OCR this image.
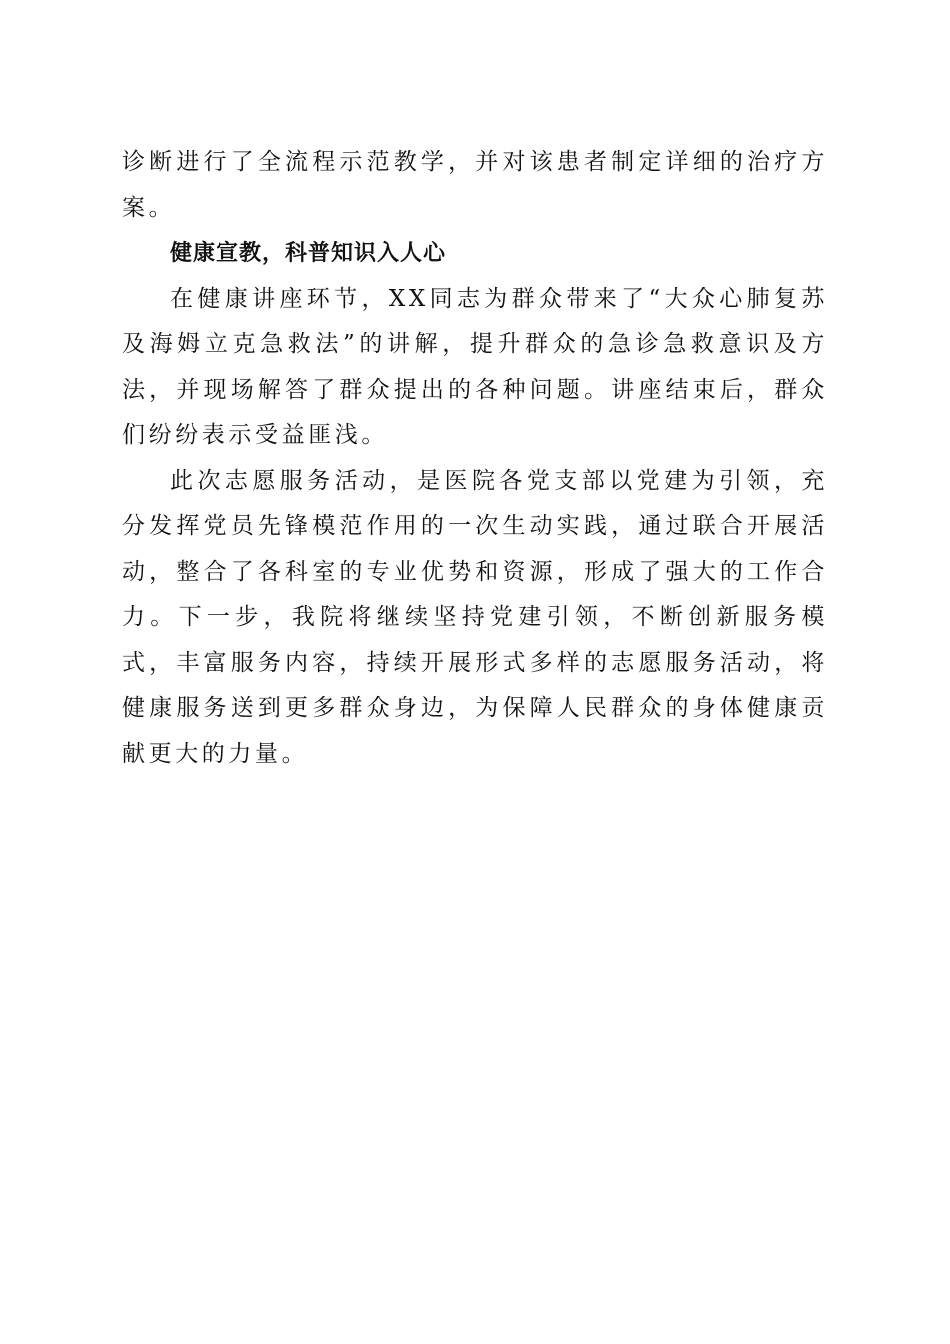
诊断进行了全流程示范教学，并对该患者制定详细的治疗方案。

健康宣教，科普知识入人心

在健康讲座环节，XX同志为群众带来了“大众心肺复苏及海姆立克急救法”的讲解，提升群众的急诊急救意识及方法，并现场解答了群众提出的各种问题。讲座结束后，群众们纷纷表示受益匪浅。

此次志愿服务活动，是医院各党支部以党建为引领，充分发挥党员先锋模范作用的一次生动实践，通过联合开展活动，整合了各科室的专业优势和资源，形成了强大的工作合力。下一步，我院将继续坚持党建引领，不断创新服务模式，丰富服务内容，持续开展形式多样的志愿服务活动，将健康服务送到更多群众身边，为保障人民群众的身体健康贡献更大的力量。
